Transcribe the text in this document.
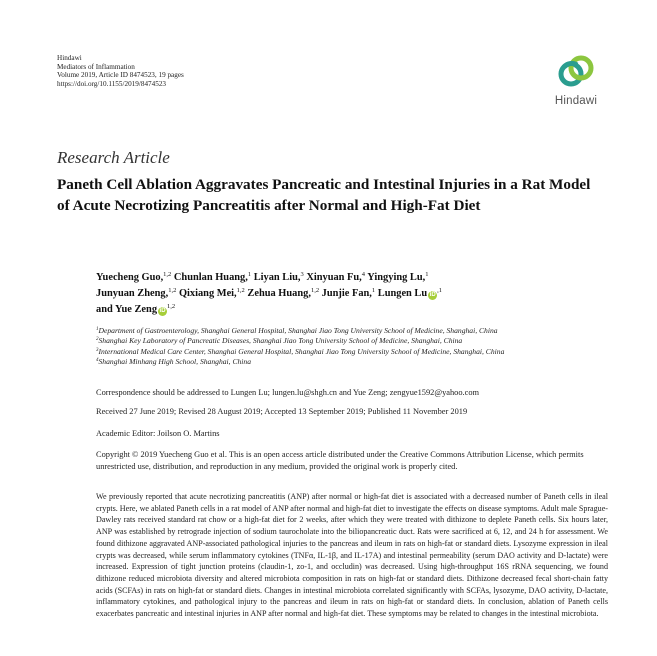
Hindawi
Mediators of Inflammation
Volume 2019, Article ID 8474523, 19 pages
https://doi.org/10.1155/2019/8474523
Hindawi
Research Article
Paneth Cell Ablation Aggravates Pancreatic and Intestinal Injuries in a Rat Model of Acute Necrotizing Pancreatitis after Normal and High-Fat Diet
Yuecheng Guo,$^{1,2}$ Chunlan Huang,$^1$ Liyan Liu,$^3$ Xinyuan Fu,$^4$ Yingying Lu,$^1$
Junyuan Zheng,$^{1,2}$ Qixiang Mei,$^{1,2}$ Zehua Huang,$^{1,2}$ Junjie Fan,$^1$ Lungen Lu $iD^{,1}$
and Yue Zeng iD$^{1,2}$
$^1$Department of Gastroenterology, Shanghai General Hospital, Shanghai Jiao Tong University School of Medicine, Shanghai, China
$^2$Shanghai Key Laboratory of Pancreatic Diseases, Shanghai Jiao Tong University School of Medicine, Shanghai, China
$^3$International Medical Care Center, Shanghai General Hospital, Shanghai Jiao Tong University School of Medicine, Shanghai, China
$^4$Shanghai Minhang High School, Shanghai, China
Correspondence should be addressed to Lungen Lu; lungen.lu@shgh.cn and Yue Zeng; zengyue1592@yahoo.com
Received 27 June 2019; Revised 28 August 2019; Accepted 13 September 2019; Published 11 November 2019
Academic Editor: Joilson O. Martins
Copyright © 2019 Yuecheng Guo et al. This is an open access article distributed under the Creative Commons Attribution License, which permits unrestricted use, distribution, and reproduction in any medium, provided the original work is properly cited.
We previously reported that acute necrotizing pancreatitis (ANP) after normal or high-fat diet is associated with a decreased number of Paneth cells in ileal crypts. Here, we ablated Paneth cells in a rat model of ANP after normal and high-fat diet to investigate the effects on disease symptoms. Adult male Sprague-Dawley rats received standard rat chow or a high-fat diet for 2 weeks, after which they were treated with dithizone to deplete Paneth cells. Six hours later, ANP was established by retrograde injection of sodium taurocholate into the biliopancreatic duct. Rats were sacrificed at 6, 12, and 24 h for assessment. We found dithizone aggravated ANP-associated pathological injuries to the pancreas and ileum in rats on high-fat or standard diets. Lysozyme expression in ileal crypts was decreased, while serum inflammatory cytokines (TNFα, IL-1β, and IL-17A) and intestinal permeability (serum DAO activity and D-lactate) were increased. Expression of tight junction proteins (claudin-1, zo-1, and occludin) was decreased. Using high-throughput 16S rRNA sequencing, we found dithizone reduced microbiota diversity and altered microbiota composition in rats on high-fat or standard diets. Dithizone decreased fecal short-chain fatty acids (SCFAs) in rats on high-fat or standard diets. Changes in intestinal microbiota correlated significantly with SCFAs, lysozyme, DAO activity, D-lactate, inflammatory cytokines, and pathological injury to the pancreas and ileum in rats on high-fat or standard diets. In conclusion, ablation of Paneth cells exacerbates pancreatic and intestinal injuries in ANP after normal and high-fat diet. These symptoms may be related to changes in the intestinal microbiota.
